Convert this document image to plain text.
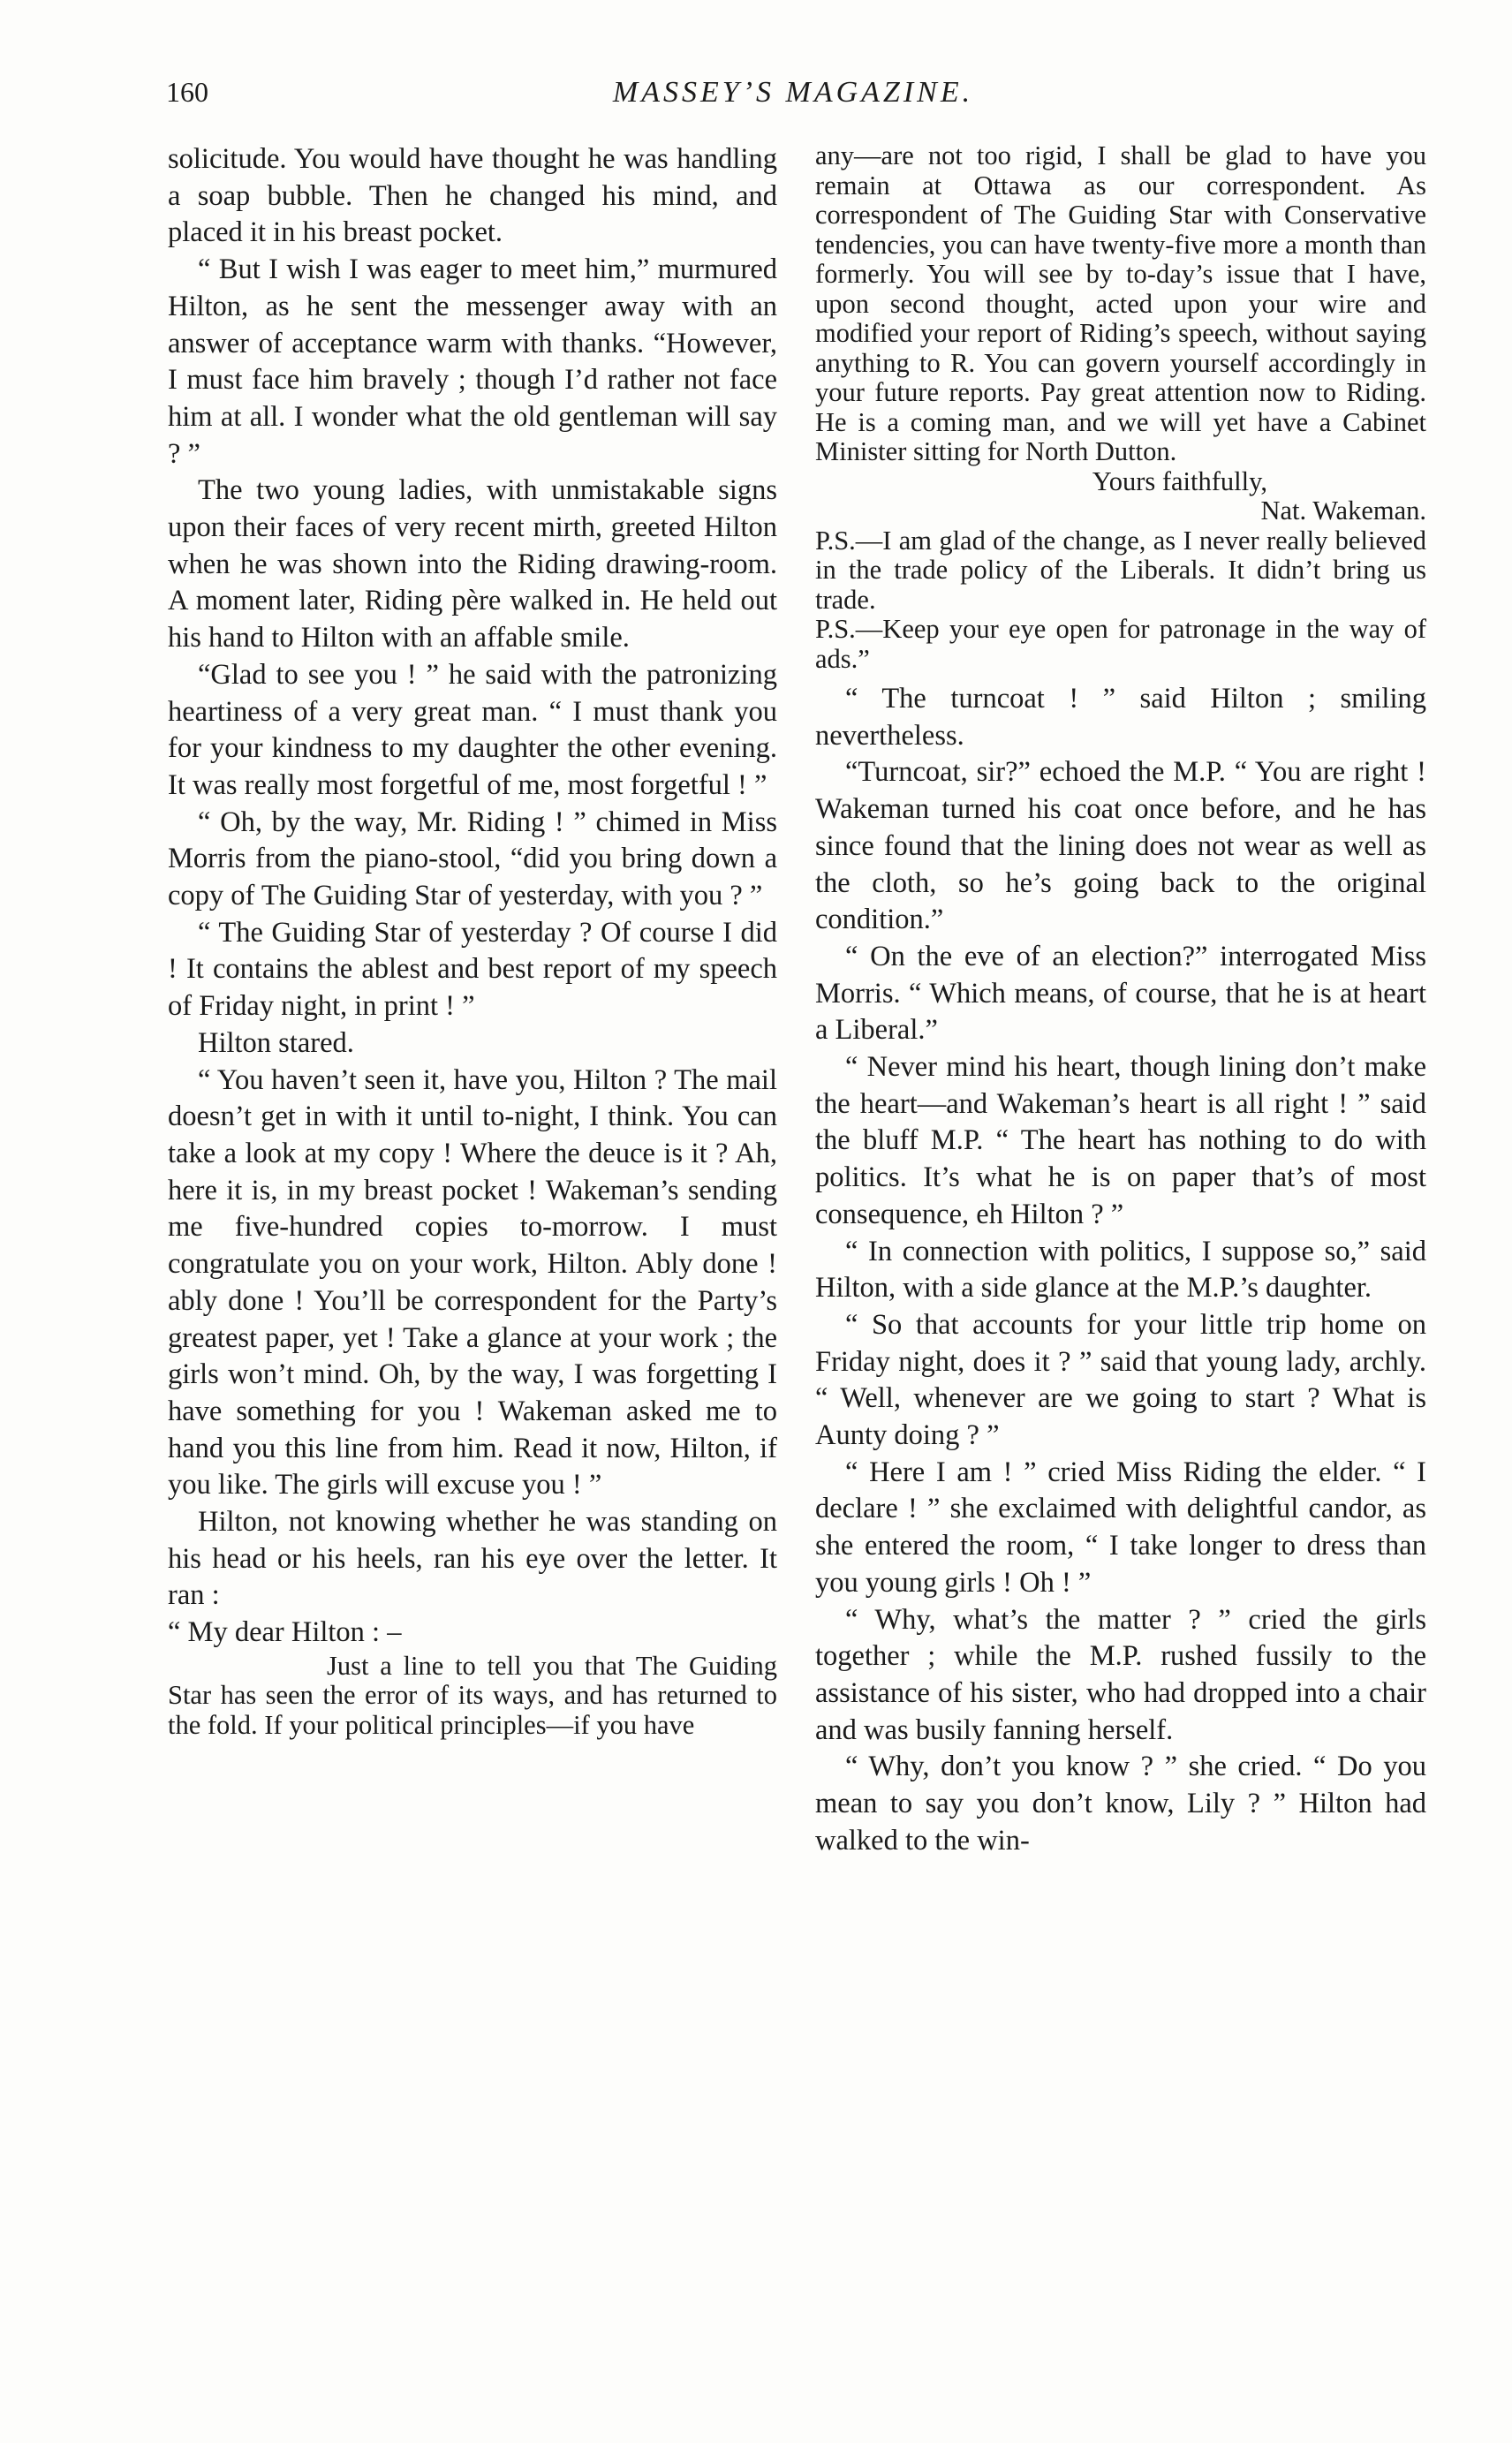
160	MASSEY’S MAGAZINE.

solicitude. You would have thought he was handling a soap bubble. Then he changed his mind, and placed it in his breast pocket.

“ But I wish I was eager to meet him,” murmured Hilton, as he sent the messenger away with an answer of acceptance warm with thanks. “However, I must face him bravely ; though I’d rather not face him at all. I wonder what the old gentleman will say ? ”

The two young ladies, with unmistakable signs upon their faces of very recent mirth, greeted Hilton when he was shown into the Riding drawing-room. A moment later, Riding père walked in. He held out his hand to Hilton with an affable smile.

“Glad to see you ! ” he said with the patronizing heartiness of a very great man. “ I must thank you for your kindness to my daughter the other evening. It was really most forgetful of me, most forgetful ! ”

“ Oh, by the way, Mr. Riding ! ” chimed in Miss Morris from the piano-stool, “did you bring down a copy of The Guiding Star of yesterday, with you ? ”

“ The Guiding Star of yesterday ? Of course I did ! It contains the ablest and best report of my speech of Friday night, in print ! ”

Hilton stared.

“ You haven’t seen it, have you, Hilton ? The mail doesn’t get in with it until to-night, I think. You can take a look at my copy ! Where the deuce is it ? Ah, here it is, in my breast pocket ! Wakeman’s sending me five-hundred copies to-morrow. I must congratulate you on your work, Hilton. Ably done ! ably done ! You’ll be correspondent for the Party’s greatest paper, yet ! Take a glance at your work ; the girls won’t mind. Oh, by the way, I was forgetting I have something for you ! Wakeman asked me to hand you this line from him. Read it now, Hilton, if you like. The girls will excuse you ! ”

Hilton, not knowing whether he was standing on his head or his heels, ran his eye over the letter. It ran :

“ My dear Hilton : –

Just a line to tell you that The Guiding Star has seen the error of its ways, and has returned to the fold. If your political principles—if you have

any—are not too rigid, I shall be glad to have you remain at Ottawa as our correspondent. As correspondent of The Guiding Star with Conservative tendencies, you can have twenty-five more a month than formerly. You will see by to-day’s issue that I have, upon second thought, acted upon your wire and modified your report of Riding’s speech, without saying anything to R. You can govern yourself accordingly in your future reports. Pay great attention now to Riding. He is a coming man, and we will yet have a Cabinet Minister sitting for North Dutton.

Yours faithfully,

Nat. Wakeman.

P.S.—I am glad of the change, as I never really believed in the trade policy of the Liberals. It didn’t bring us trade.

P.S.—Keep your eye open for patronage in the way of ads.”

“ The turncoat ! ” said Hilton ; smiling nevertheless.

“Turncoat, sir?” echoed the M.P. “ You are right ! Wakeman turned his coat once before, and he has since found that the lining does not wear as well as the cloth, so he’s going back to the original condition.”

“ On the eve of an election?” interrogated Miss Morris. “ Which means, of course, that he is at heart a Liberal.”

“ Never mind his heart, though lining don’t make the heart—and Wakeman’s heart is all right ! ” said the bluff M.P. “ The heart has nothing to do with politics. It’s what he is on paper that’s of most consequence, eh Hilton ? ”

“ In connection with politics, I suppose so,” said Hilton, with a side glance at the M.P.’s daughter.

“ So that accounts for your little trip home on Friday night, does it ? ” said that young lady, archly. “ Well, whenever are we going to start ? What is Aunty doing ? ”

“ Here I am ! ” cried Miss Riding the elder. “ I declare ! ” she exclaimed with delightful candor, as she entered the room, “ I take longer to dress than you young girls ! Oh ! ”

“ Why, what’s the matter ? ” cried the girls together ; while the M.P. rushed fussily to the assistance of his sister, who had dropped into a chair and was busily fanning herself.

“ Why, don’t you know ? ” she cried. “ Do you mean to say you don’t know, Lily ? ” Hilton had walked to the win-
